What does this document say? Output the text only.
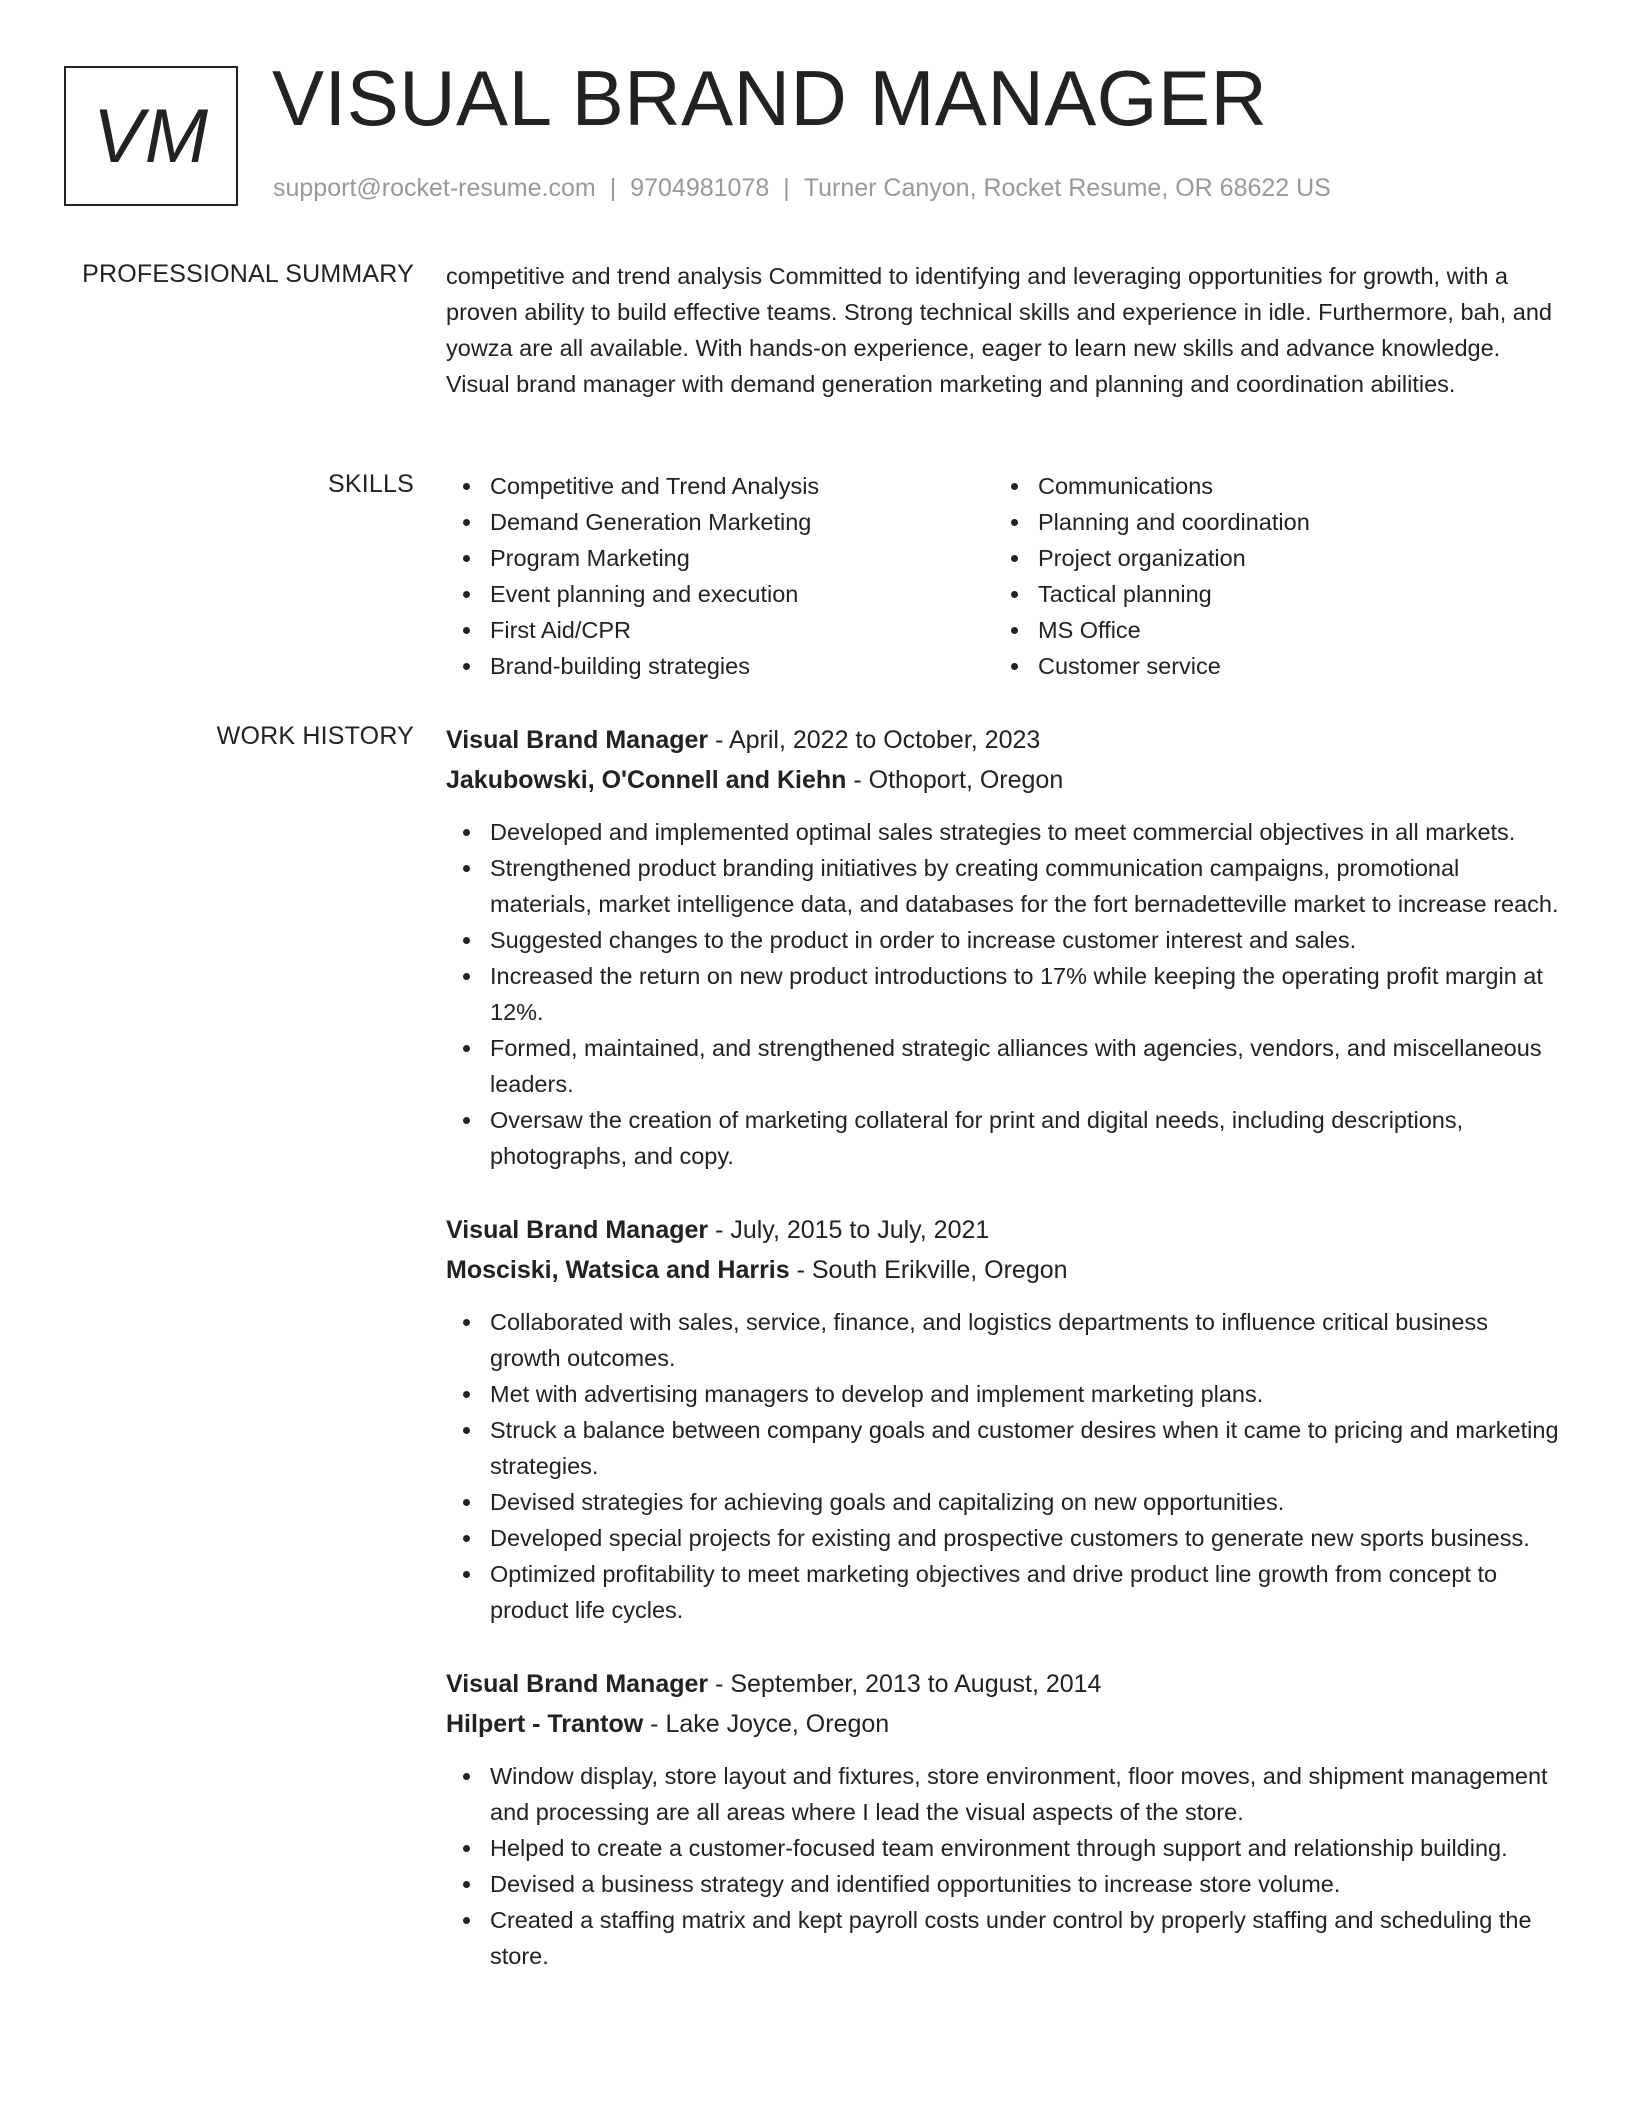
VM VISUAL BRAND MANAGER
support@rocket-resume.com | 9704981078 | Turner Canyon, Rocket Resume, OR 68622 US
PROFESSIONAL SUMMARY competitive and trend analysis Committed to identifying and leveraging opportunities for growth, with a proven ability to build effective teams. Strong technical skills and experience in idle. Furthermore, bah, and yowza are all available. With hands-on experience, eager to learn new skills and advance knowledge. Visual brand manager with demand generation marketing and planning and coordination abilities.

SKILLS	Competitive and Trend Analysis
Demand Generation Marketing
Program Marketing
Event planning and execution
First Aid/CPR
Brand-building strategies
Communications
Planning and coordination
Project organization
Tactical planning
MS Office
Customer service
WORK HISTORY Visual Brand Manager - April, 2022 to October, 2023
Jakubowski, O'Connell and Kiehn - Othoport, Oregon
Developed and implemented optimal sales strategies to meet commercial objectives in all markets.
Strengthened product branding initiatives by creating communication campaigns, promotional materials, market intelligence data, and databases for the fort bernadetteville market to increase reach.
Suggested changes to the product in order to increase customer interest and sales.
Increased the return on new product introductions to 17% while keeping the operating profit margin at 12%.
Formed, maintained, and strengthened strategic alliances with agencies, vendors, and miscellaneous leaders.
Oversaw the creation of marketing collateral for print and digital needs, including descriptions, photographs, and copy.
Visual Brand Manager - July, 2015 to July, 2021
Mosciski, Watsica and Harris - South Erikville, Oregon
Collaborated with sales, service, finance, and logistics departments to influence critical business growth outcomes.
Met with advertising managers to develop and implement marketing plans.
Struck a balance between company goals and customer desires when it came to pricing and marketing strategies.
Devised strategies for achieving goals and capitalizing on new opportunities.
Developed special projects for existing and prospective customers to generate new sports business.
Optimized profitability to meet marketing objectives and drive product line growth from concept to product life cycles.
Visual Brand Manager - September, 2013 to August, 2014
Hilpert - Trantow - Lake Joyce, Oregon
Window display, store layout and fixtures, store environment, floor moves, and shipment management and processing are all areas where I lead the visual aspects of the store.
Helped to create a customer-focused team environment through support and relationship building.
Devised a business strategy and identified opportunities to increase store volume.
Created a staffing matrix and kept payroll costs under control by properly staffing and scheduling the store.
